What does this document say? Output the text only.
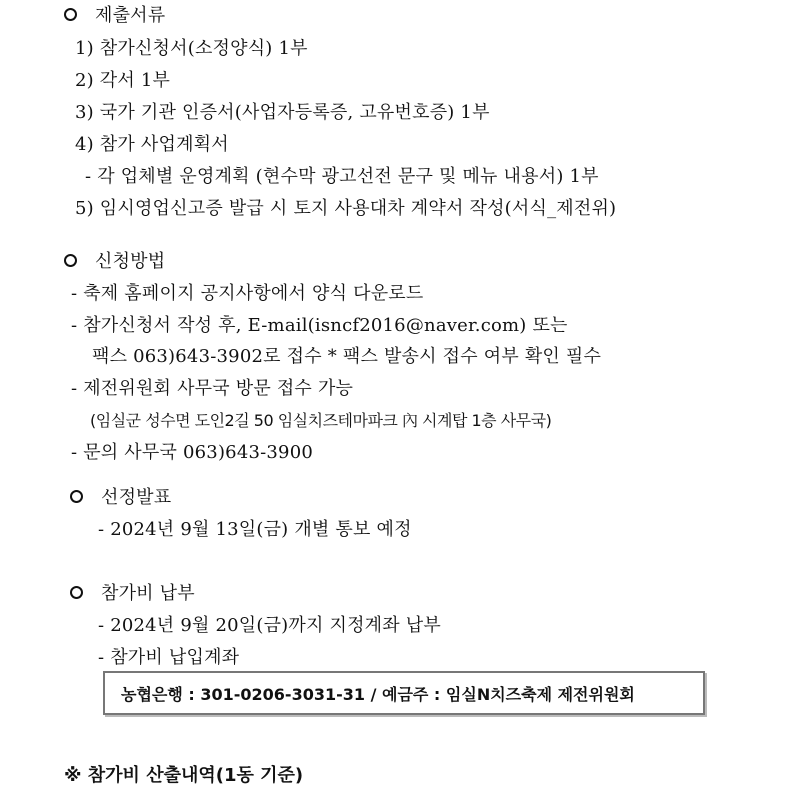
제출서류
1) 참가신청서(소정양식) 1부
2) 각서 1부
3) 국가 기관 인증서(사업자등록증, 고유번호증) 1부
4) 참가 사업계획서
- 각 업체별 운영계획 (현수막 광고선전 문구 및 메뉴 내용서) 1부
5) 임시영업신고증 발급 시 토지 사용대차 계약서 작성(서식_제전위)
신청방법
- 축제 홈페이지 공지사항에서 양식 다운로드
- 참가신청서 작성 후, E-mail(isncf2016@naver.com) 또는
팩스 063)643-3902로 접수 * 팩스 발송시 접수 여부 확인 필수
- 제전위원회 사무국 방문 접수 가능
(임실군 성수면 도인2길 50 임실치즈테마파크 內 시계탑 1층 사무국)
- 문의 사무국 063)643-3900
선정발표
- 2024년 9월 13일(금) 개별 통보 예정
참가비 납부
- 2024년 9월 20일(금)까지 지정계좌 납부
- 참가비 납입계좌
농협은행 : 301-0206-3031-31 / 예금주 : 임실N치즈축제 제전위원회
※ 참가비 산출내역(1동 기준)
